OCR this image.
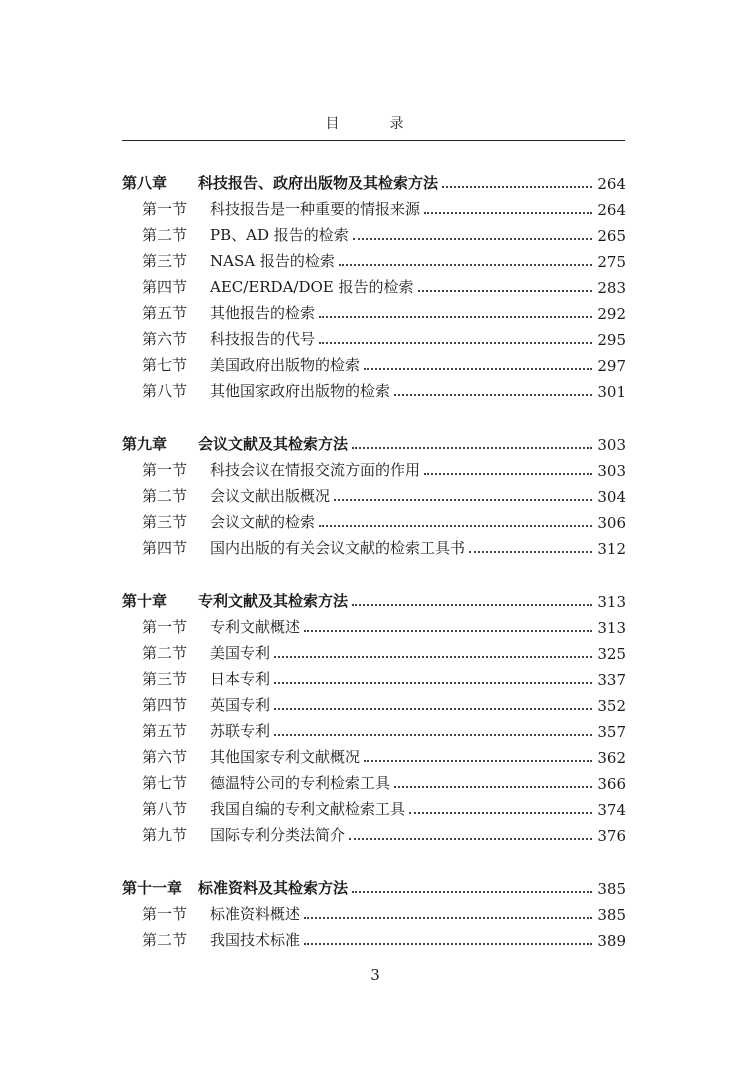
目　录
第八章	科技报告、政府出版物及其检索方法	264
第一节	科技报告是一种重要的情报来源	264
第二节	PB、AD 报告的检索	265
第三节	NASA 报告的检索	275
第四节	AEC/ERDA/DOE 报告的检索	283
第五节	其他报告的检索	292
第六节	科技报告的代号	295
第七节	美国政府出版物的检索	297
第八节	其他国家政府出版物的检索	301
第九章	会议文献及其检索方法	303
第一节	科技会议在情报交流方面的作用	303
第二节	会议文献出版概况	304
第三节	会议文献的检索	306
第四节	国内出版的有关会议文献的检索工具书	312
第十章	专利文献及其检索方法	313
第一节	专利文献概述	313
第二节	美国专利	325
第三节	日本专利	337
第四节	英国专利	352
第五节	苏联专利	357
第六节	其他国家专利文献概况	362
第七节	德温特公司的专利检索工具	366
第八节	我国自编的专利文献检索工具	374
第九节	国际专利分类法简介	376
第十一章	标准资料及其检索方法	385
第一节	标准资料概述	385
第二节	我国技术标准	389
3
